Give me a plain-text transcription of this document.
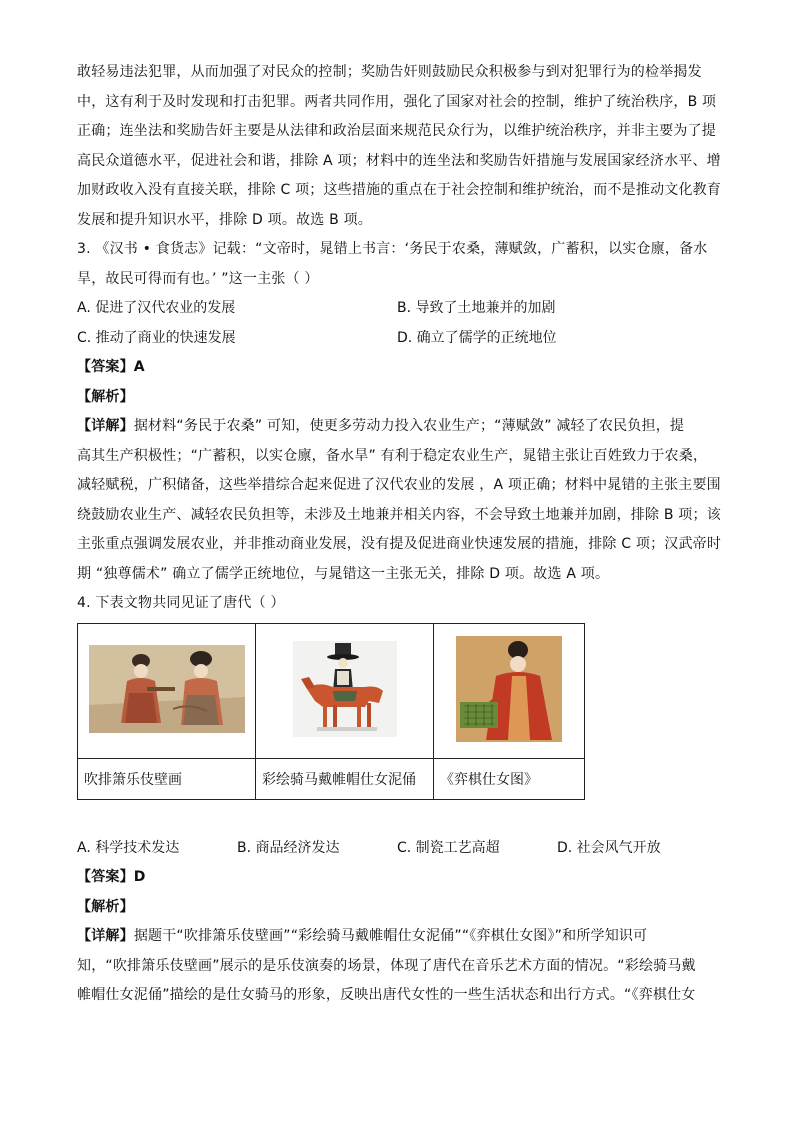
敢轻易违法犯罪，从而加强了对民众的控制；奖励告奸则鼓励民众积极参与到对犯罪行为的检举揭发

中，这有利于及时发现和打击犯罪。两者共同作用，强化了国家对社会的控制，维护了统治秩序，B 项

正确；连坐法和奖励告奸主要是从法律和政治层面来规范民众行为，以维护统治秩序，并非主要为了提

高民众道德水平，促进社会和谐，排除 A 项；材料中的连坐法和奖励告奸措施与发展国家经济水平、增

加财政收入没有直接关联，排除 C 项；这些措施的重点在于社会控制和维护统治，而不是推动文化教育

发展和提升知识水平，排除 D 项。故选 B 项。

3. 《汉书 • 食货志》记载：“文帝时，晁错上书言：‘务民于农桑，薄赋敛，广蓄积，以实仓廪，备水

旱，故民可得而有也。’ ”这一主张（ ）

A. 促进了汉代农业的发展	B. 导致了土地兼并的加剧
C. 推动了商业的快速发展	D. 确立了儒学的正统地位

【答案】A

【解析】

【详解】据材料“务民于农桑” 可知，使更多劳动力投入农业生产；“薄赋敛” 减轻了农民负担，提

高其生产积极性；“广蓄积，以实仓廪，备水旱” 有利于稳定农业生产，晁错主张让百姓致力于农桑，

减轻赋税，广积储备，这些举措综合起来促进了汉代农业的发展 ，A 项正确；材料中晁错的主张主要围

绕鼓励农业生产、减轻农民负担等，未涉及土地兼并相关内容，不会导致土地兼并加剧，排除 B 项；该

主张重点强调发展农业，并非推动商业发展，没有提及促进商业快速发展的措施，排除 C 项；汉武帝时

期 “独尊儒术” 确立了儒学正统地位，与晁错这一主张无关，排除 D 项。故选 A 项。

4. 下表文物共同见证了唐代（ ）

吹排箫乐伎壁画	彩绘骑马戴帷帽仕女泥俑	《弈棋仕女图》
A. 科学技术发达	B. 商品经济发达	C. 制瓷工艺高超	D. 社会风气开放

【答案】D

【解析】

【详解】据题干“吹排箫乐伎壁画”“彩绘骑马戴帷帽仕女泥俑”“《弈棋仕女图》”和所学知识可

知，“吹排箫乐伎壁画”展示的是乐伎演奏的场景，体现了唐代在音乐艺术方面的情况。“彩绘骑马戴

帷帽仕女泥俑”描绘的是仕女骑马的形象，反映出唐代女性的一些生活状态和出行方式。“《弈棋仕女
